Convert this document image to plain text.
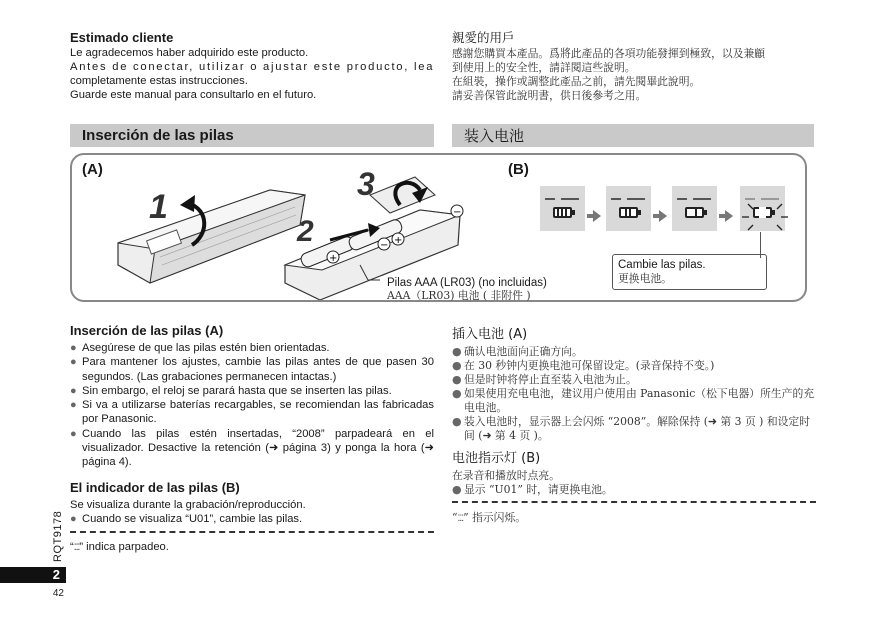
Estimado cliente
Le agradecemos haber adquirido este producto.
Antes de conectar, utilizar o ajustar este producto, lea
completamente estas instrucciones.
Guarde este manual para consultarlo en el futuro.
親愛的用戶
感謝您購買本產品。爲將此產品的各項功能發揮到極致，以及兼顧
到使用上的安全性，請詳閱這些說明。
在組裝，操作或調整此產品之前，請先閱畢此說明。
請妥善保管此說明書，供日後參考之用。
Inserción de las pilas	装入电池
(A)	(B)
+
− +
−
1
2
3
Pilas AAA (LR03) (no incluidas)
AAA（LR03) 电池 ( 非附件 )
Cambie las pilas.
更换电池。
Inserción de las pilas (A)
● Asegúrese de que las pilas estén bien orientadas.
● Para mantener los ajustes, cambie las pilas antes de que pasen 30 segundos. (Las grabaciones permanecen intactas.)
● Sin embargo, el reloj se parará hasta que se inserten las pilas.
● Si va a utilizarse baterías recargables, se recomiendan las fabricadas por Panasonic.
● Cuando las pilas estén insertadas, “2008” parpadeará en el visualizador. Desactive la retención (➜ página 3) y ponga la hora (➜ página 4).
El indicador de las pilas (B)
Se visualiza durante la grabación/reproducción.
● Cuando se visualiza “U01”, cambie las pilas.
“⁚⁚⁚” indica parpadeo.
插入电池 (A)
● 确认电池面向正确方向。
● 在 30 秒钟内更换电池可保留设定。(录音保持不变。)
● 但是时钟将停止直至装入电池为止。
● 如果使用充电电池，建议用户使用由 Panasonic（松下电器）所生产的充电电池。
● 装入电池时，显示器上会闪烁 “2008”。解除保持 (➜ 第 3 页 ) 和设定时间 (➜ 第 4 页 )。
电池指示灯 (B)
在录音和播放时点亮。
● 显示 “U01” 时，请更换电池。
“⁚⁚⁚” 指示闪烁。
RQT9178
2
42
